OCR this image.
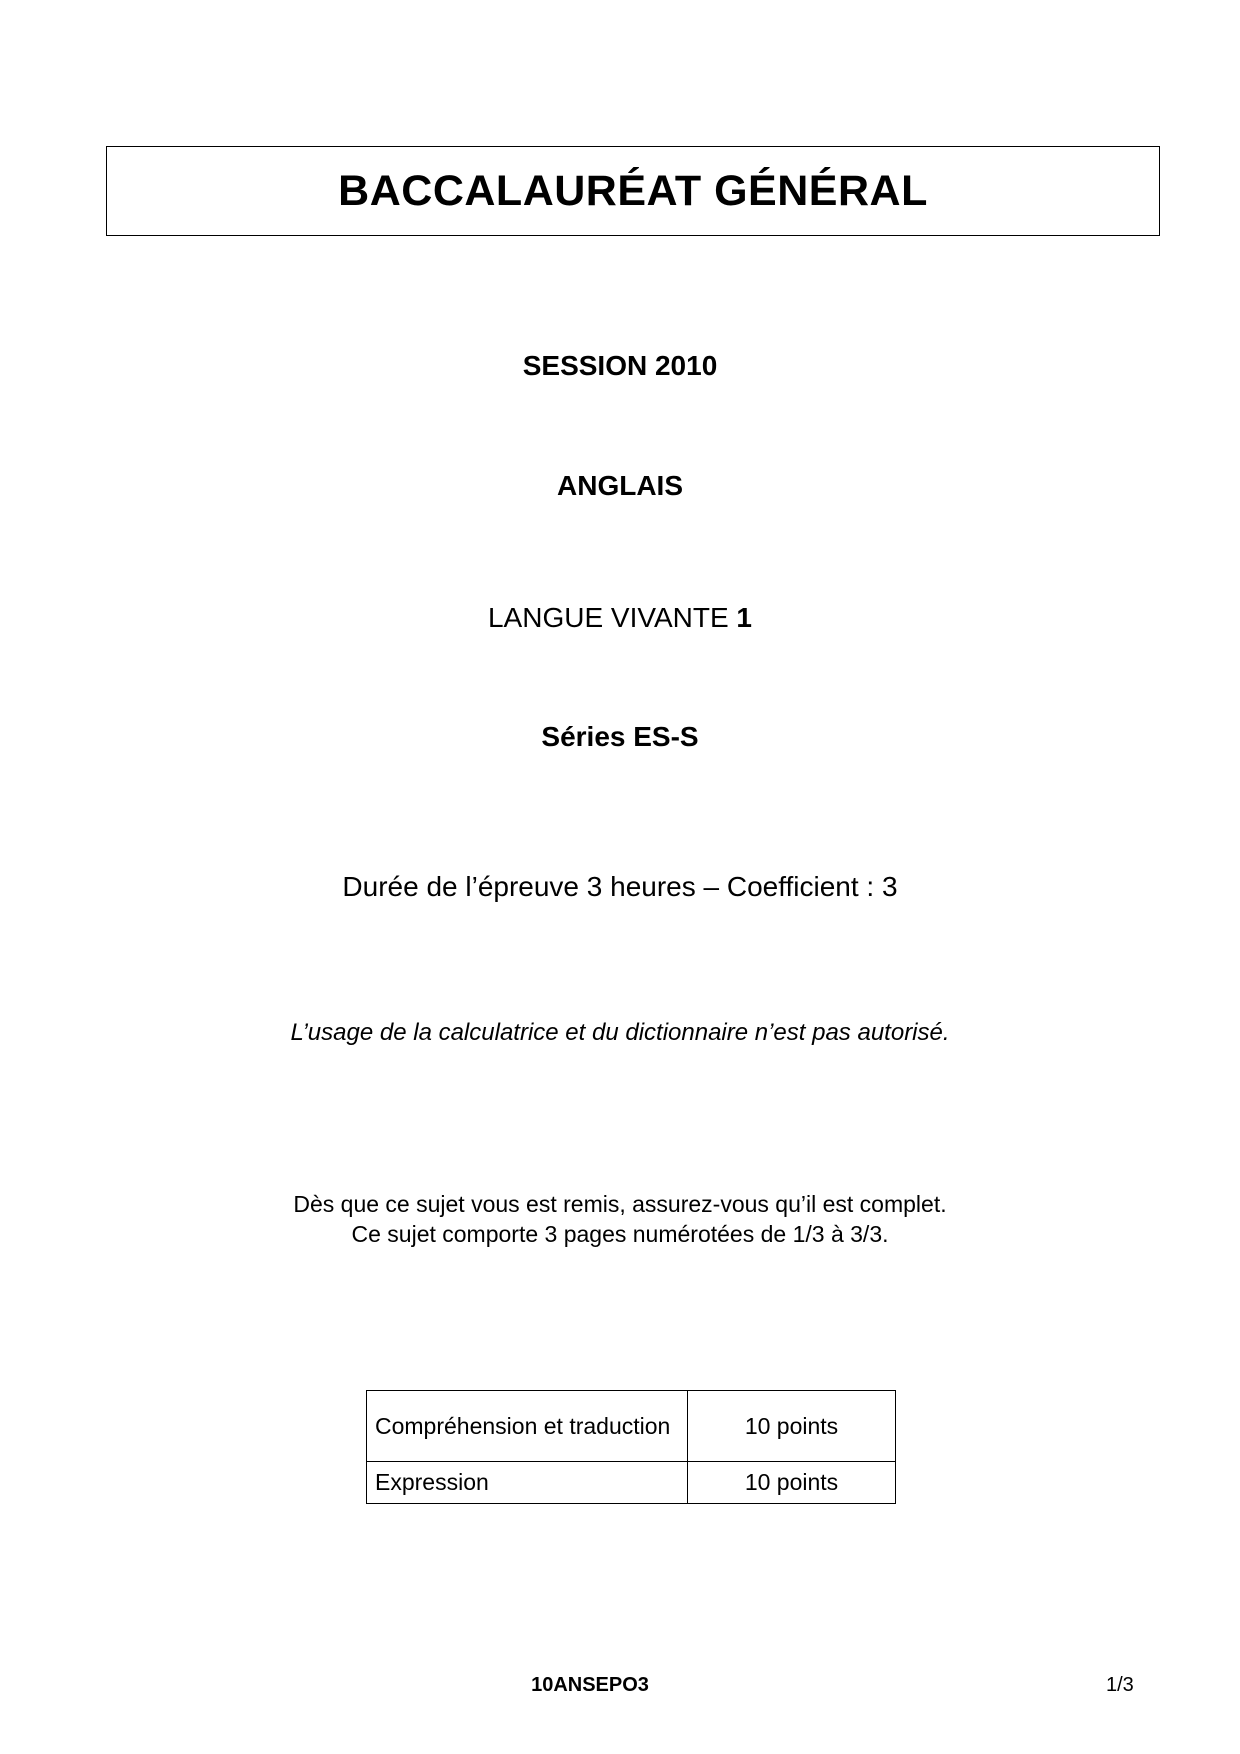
BACCALAURÉAT GÉNÉRAL

SESSION 2010

ANGLAIS

LANGUE VIVANTE 1

Séries ES-S

Durée de l’épreuve 3 heures – Coefficient : 3

L’usage de la calculatrice et du dictionnaire n’est pas autorisé.

Dès que ce sujet vous est remis, assurez-vous qu’il est complet.

Ce sujet comporte 3 pages numérotées de 1/3 à 3/3.

Compréhension et traduction	10 points
Expression	10 points
10ANSEPO3	1/3
